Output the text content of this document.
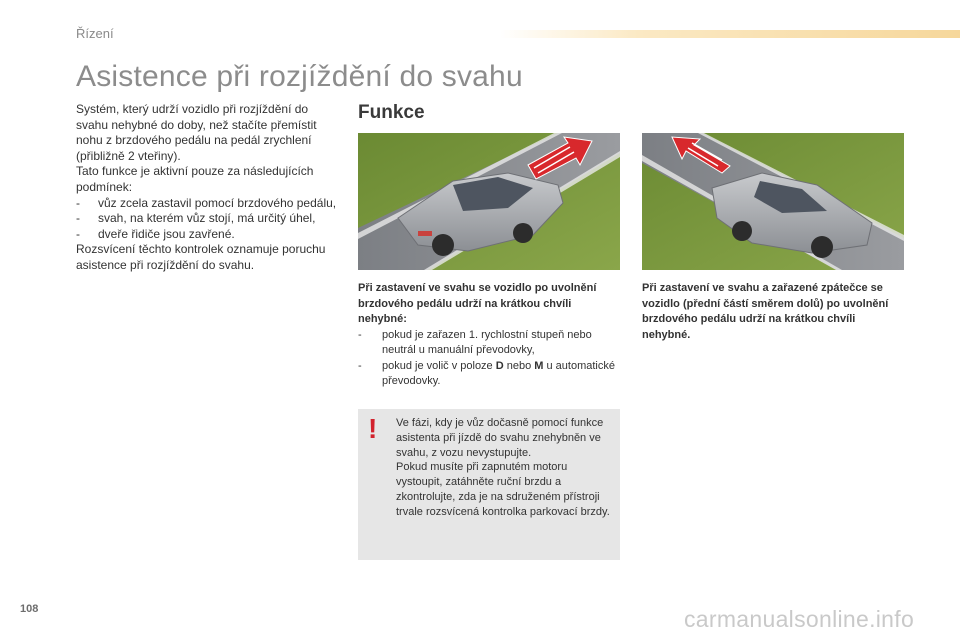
Řízení
Asistence při rozjíždění do svahu

Systém, který udrží vozidlo při rozjíždění do svahu nehybné do doby, než stačíte přemístit nohu z brzdového pedálu na pedál zrychlení (přibližně 2 vteřiny).

Tato funkce je aktivní pouze za následujících podmínek:

-	vůz zcela zastavil pomocí brzdového pedálu,
-	svah, na kterém vůz stojí, má určitý úhel,
-	dveře řidiče jsou zavřené.

Rozsvícení těchto kontrolek oznamuje poruchu asistence při rozjíždění do svahu.

Funkce
Při zastavení ve svahu se vozidlo po uvolnění brzdového pedálu udrží na krátkou chvíli nehybné:
-	pokud je zařazen 1. rychlostní stupeň nebo neutrál u manuální převodovky,
-	pokud je volič v poloze D nebo M u automatické převodovky.
Při zastavení ve svahu a zařazené zpátečce se vozidlo (přední částí směrem dolů) po uvolnění brzdového pedálu udrží na krátkou chvíli nehybné.
! Ve fázi, kdy je vůz dočasně pomocí funkce asistenta při jízdě do svahu znehybněn ve svahu, z vozu nevystupujte.

Pokud musíte při zapnutém motoru vystoupit, zatáhněte ruční brzdu a zkontrolujte, zda je na sdruženém přístroji trvale rozsvícená kontrolka parkovací brzdy.

108	carmanualsonline.info
